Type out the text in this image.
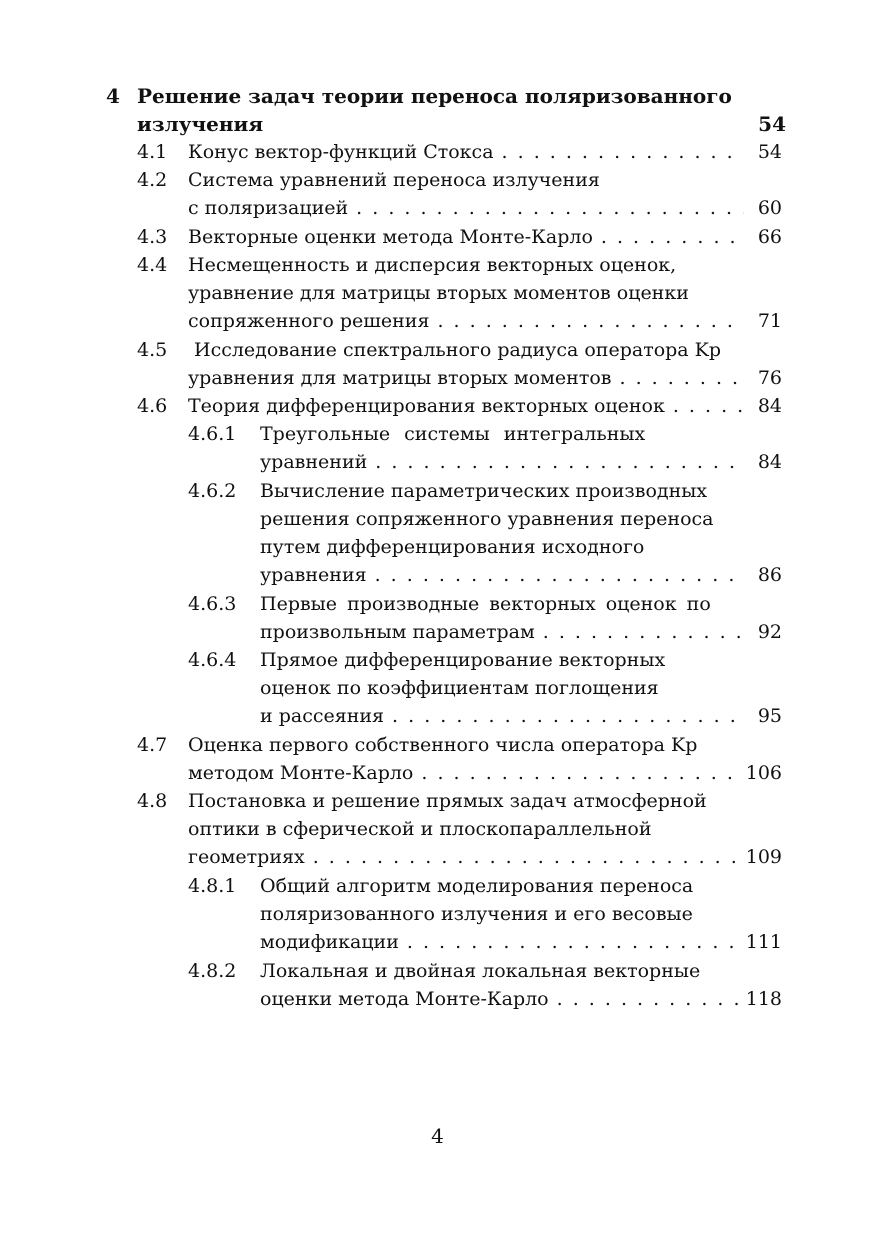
4 Решение задач теории переноса поляризованного
излучения	54
4.1 Конус вектор-функций Стокса . . .	54
4.2 Система уравнений переноса излучения
с поляризацией . . .	60
4.3 Векторные оценки метода Монте-Карло . . .	66
4.4 Несмещенность и дисперсия векторных оценок,
уравнение для матрицы вторых моментов оценки
сопряженного решения . . .	71
4.5 Исследование спектрального радиуса оператора Kp
уравнения для матрицы вторых моментов . . .	76
4.6 Теория дифференцирования векторных оценок . . .	84
4.6.1 Треугольные системы интегральных
уравнений . . .	84
4.6.2 Вычисление параметрических производных
решения сопряженного уравнения переноса
путем дифференцирования исходного
уравнения . . .	86
4.6.3 Первые производные векторных оценок по
произвольным параметрам . . .	92
4.6.4 Прямое дифференцирование векторных
оценок по коэффициентам поглощения
и рассеяния . . .	95
4.7 Оценка первого собственного числа оператора Kp
методом Монте-Карло . . .	106
4.8 Постановка и решение прямых задач атмосферной
оптики в сферической и плоскопараллельной
геометриях . . .	109
4.8.1 Общий алгоритм моделирования переноса
поляризованного излучения и его весовые
модификации . . .	111
4.8.2 Локальная и двойная локальная векторные
оценки метода Монте-Карло . . .	118
4
